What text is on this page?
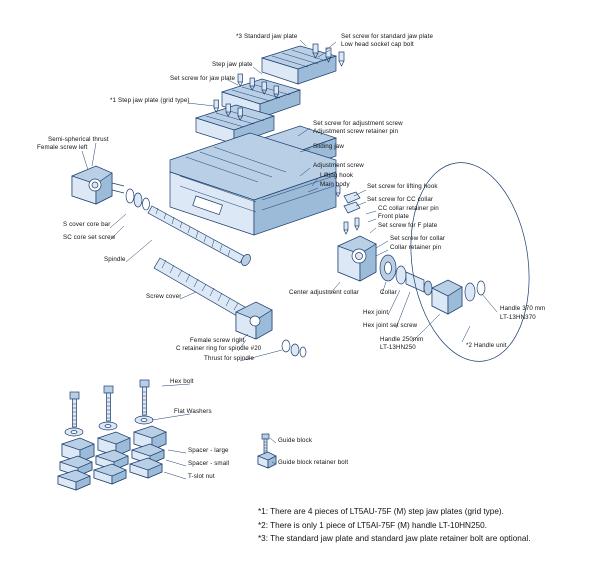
*3 Standard jaw plate	Set screw for standard jaw plate
Low head socket cap bolt
Step jaw plate
Set screw for jaw plate
*1 Step jaw plate (grid type)
Set screw for adjustment screw
Adjustment screw retainer pin
Semi-spherical thrust
Female screw left	Sliding jaw
Adjustment screw
Lifting hook
Main body	Set screw for lifting hook
Set screw for CC collar
CC collar retainer pin
Front plate
S cover core bar	Set screw for F plate
SC core set screw	Set screw for collar
Collar retainer pin
Spindle
Screw cover
Center adjustment collar	Collar
Handle 370 mm
Hex joint
LT-13HN370
Hex joint set screw
Female screw right
C retainer ring for spindle #20
Handle 250mm
LT-13HN250	*2 Handle unit
Thrust for spindle
Hex bolt
Flat Washers
Guide block
Spacer - large
Guide block retainer bolt
Spacer - small
T-slot nut
*1: There are 4 pieces of LT5AU-75F (M) step jaw plates (grid type).
*2: There is only 1 piece of LT5AI-75F (M) handle LT-10HN250.
*3: The standard jaw plate and standard jaw plate retainer bolt are optional.
